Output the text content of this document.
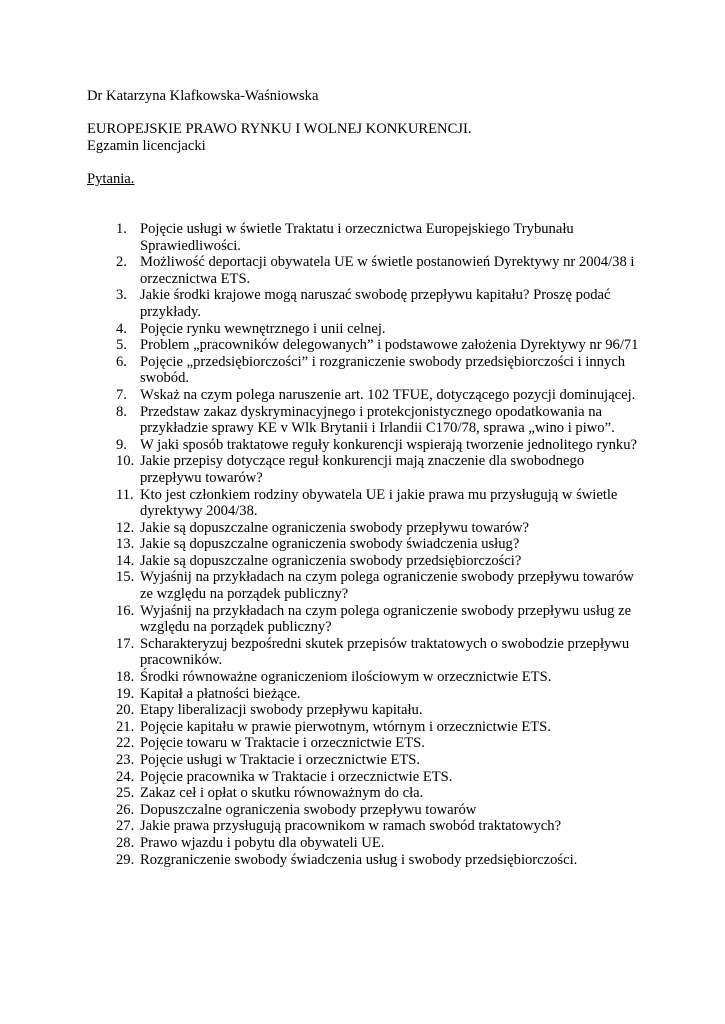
Dr Katarzyna Klafkowska-Waśniowska
EUROPEJSKIE PRAWO RYNKU I WOLNEJ KONKURENCJI.
Egzamin licencjacki
Pytania.
1. Pojęcie usługi w świetle Traktatu i orzecznictwa Europejskiego Trybunału Sprawiedliwości.
2. Możliwość deportacji obywatela UE w świetle postanowień Dyrektywy nr 2004/38 i orzecznictwa ETS.
3. Jakie środki krajowe mogą naruszać swobodę przepływu kapitału? Proszę podać przykłady.
4. Pojęcie rynku wewnętrznego i unii celnej.
5. Problem „pracowników delegowanych” i podstawowe założenia Dyrektywy nr 96/71
6. Pojęcie „przedsiębiorczości” i rozgraniczenie swobody przedsiębiorczości i innych swobód.
7. Wskaż na czym polega naruszenie art. 102 TFUE, dotyczącego pozycji dominującej.
8. Przedstaw zakaz dyskryminacyjnego i protekcjonistycznego opodatkowania na przykładzie sprawy KE v Wlk Brytanii i Irlandii C170/78, sprawa „wino i piwo”.
9. W jaki sposób traktatowe reguły konkurencji wspierają tworzenie jednolitego rynku?
10. Jakie przepisy dotyczące reguł konkurencji mają znaczenie dla swobodnego przepływu towarów?
11. Kto jest członkiem rodziny obywatela UE i jakie prawa mu przysługują w świetle dyrektywy 2004/38.
12. Jakie są dopuszczalne ograniczenia swobody przepływu towarów?
13. Jakie są dopuszczalne ograniczenia swobody świadczenia usług?
14. Jakie są dopuszczalne ograniczenia swobody przedsiębiorczości?
15. Wyjaśnij na przykładach na czym polega ograniczenie swobody przepływu towarów ze względu na porządek publiczny?
16. Wyjaśnij na przykładach na czym polega ograniczenie swobody przepływu usług ze względu na porządek publiczny?
17. Scharakteryzuj bezpośredni skutek przepisów traktatowych o swobodzie przepływu pracowników.
18. Środki równoważne ograniczeniom ilościowym w orzecznictwie ETS.
19. Kapitał a płatności bieżące.
20. Etapy liberalizacji swobody przepływu kapitału.
21. Pojęcie kapitału w prawie pierwotnym, wtórnym i orzecznictwie ETS.
22. Pojęcie towaru w Traktacie i orzecznictwie ETS.
23. Pojęcie usługi w Traktacie i orzecznictwie ETS.
24. Pojęcie pracownika w Traktacie i orzecznictwie ETS.
25. Zakaz ceł i opłat o skutku równoważnym do cła.
26. Dopuszczalne ograniczenia swobody przepływu towarów
27. Jakie prawa przysługują pracownikom w ramach swobód traktatowych?
28. Prawo wjazdu i pobytu dla obywateli UE.
29. Rozgraniczenie swobody świadczenia usług i swobody przedsiębiorczości.
